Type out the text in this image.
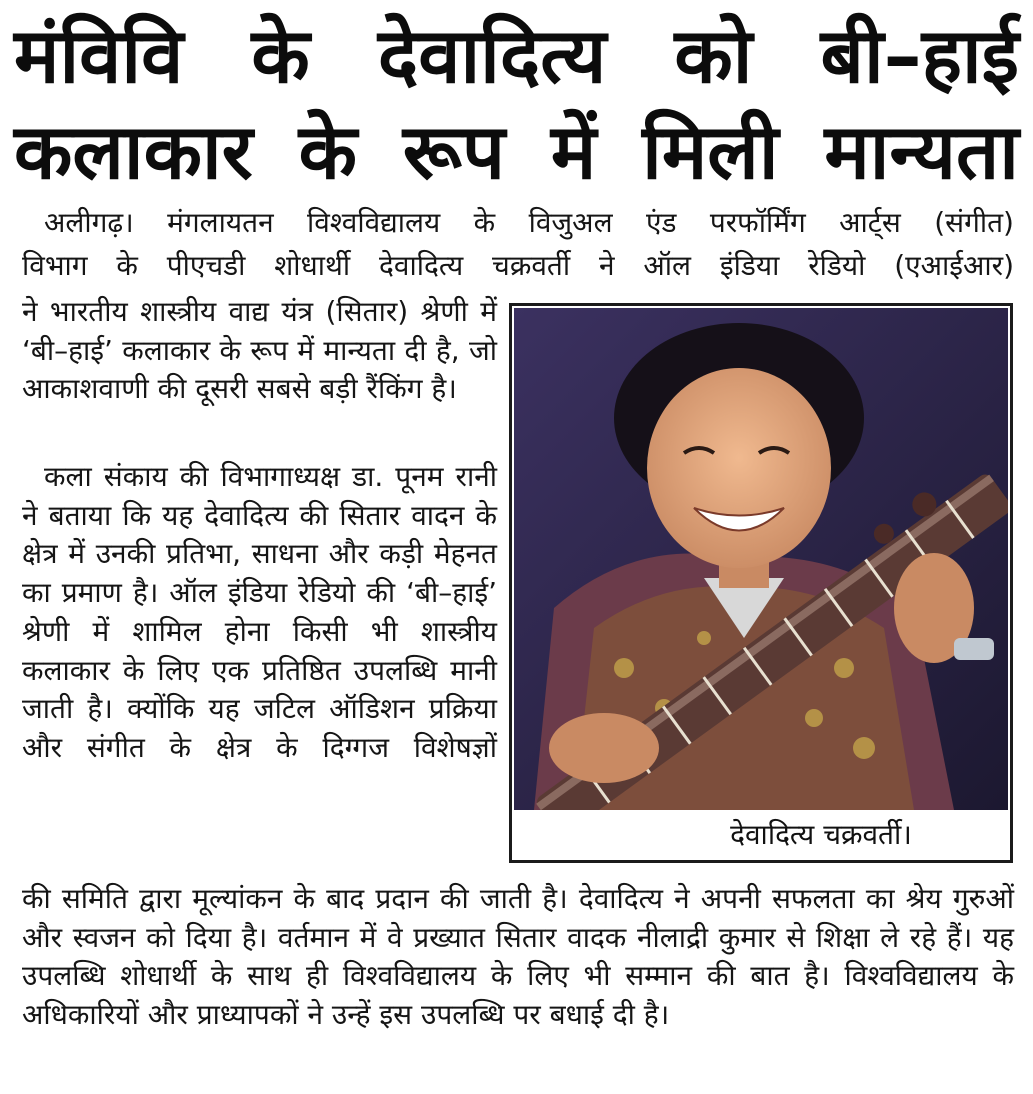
मंविवि के देवादित्य को बी–हाई
कलाकार के रूप में मिली मान्यता
अलीगढ़। मंगलायतन विश्वविद्यालय के विजुअल एंड परफॉर्मिंग आर्ट्स (संगीत)
विभाग के पीएचडी शोधार्थी देवादित्य चक्रवर्ती ने ऑल इंडिया रेडियो (एआईआर)
ने भारतीय शास्त्रीय वाद्य यंत्र (सितार) श्रेणी में ‘बी–हाई’ कलाकार के रूप में मान्यता दी है, जो आकाशवाणी की दूसरी सबसे बड़ी रैंकिंग है।
कला संकाय की विभागाध्यक्ष डा. पूनम रानी ने बताया कि यह देवादित्य की सितार वादन के क्षेत्र में उनकी प्रतिभा, साधना और कड़ी मेहनत का प्रमाण है। ऑल इंडिया रेडियो की ‘बी–हाई’ श्रेणी में शामिल होना किसी भी शास्त्रीय कलाकार के लिए एक प्रतिष्ठित उपलब्धि मानी जाती है। क्योंकि यह जटिल ऑडिशन प्रक्रिया और संगीत के क्षेत्र के दिग्गज विशेषज्ञों
की समिति द्वारा मूल्यांकन के बाद प्रदान की जाती है। देवादित्य ने अपनी सफलता का श्रेय गुरुओं और स्वजन को दिया है। वर्तमान में वे प्रख्यात सितार वादक नीलाद्री कुमार से शिक्षा ले रहे हैं। यह उपलब्धि शोधार्थी के साथ ही विश्वविद्यालय के लिए भी सम्मान की बात है। विश्वविद्यालय के अधिकारियों और प्राध्यापकों ने उन्हें इस उपलब्धि पर बधाई दी है।
देवादित्य चक्रवर्ती।
